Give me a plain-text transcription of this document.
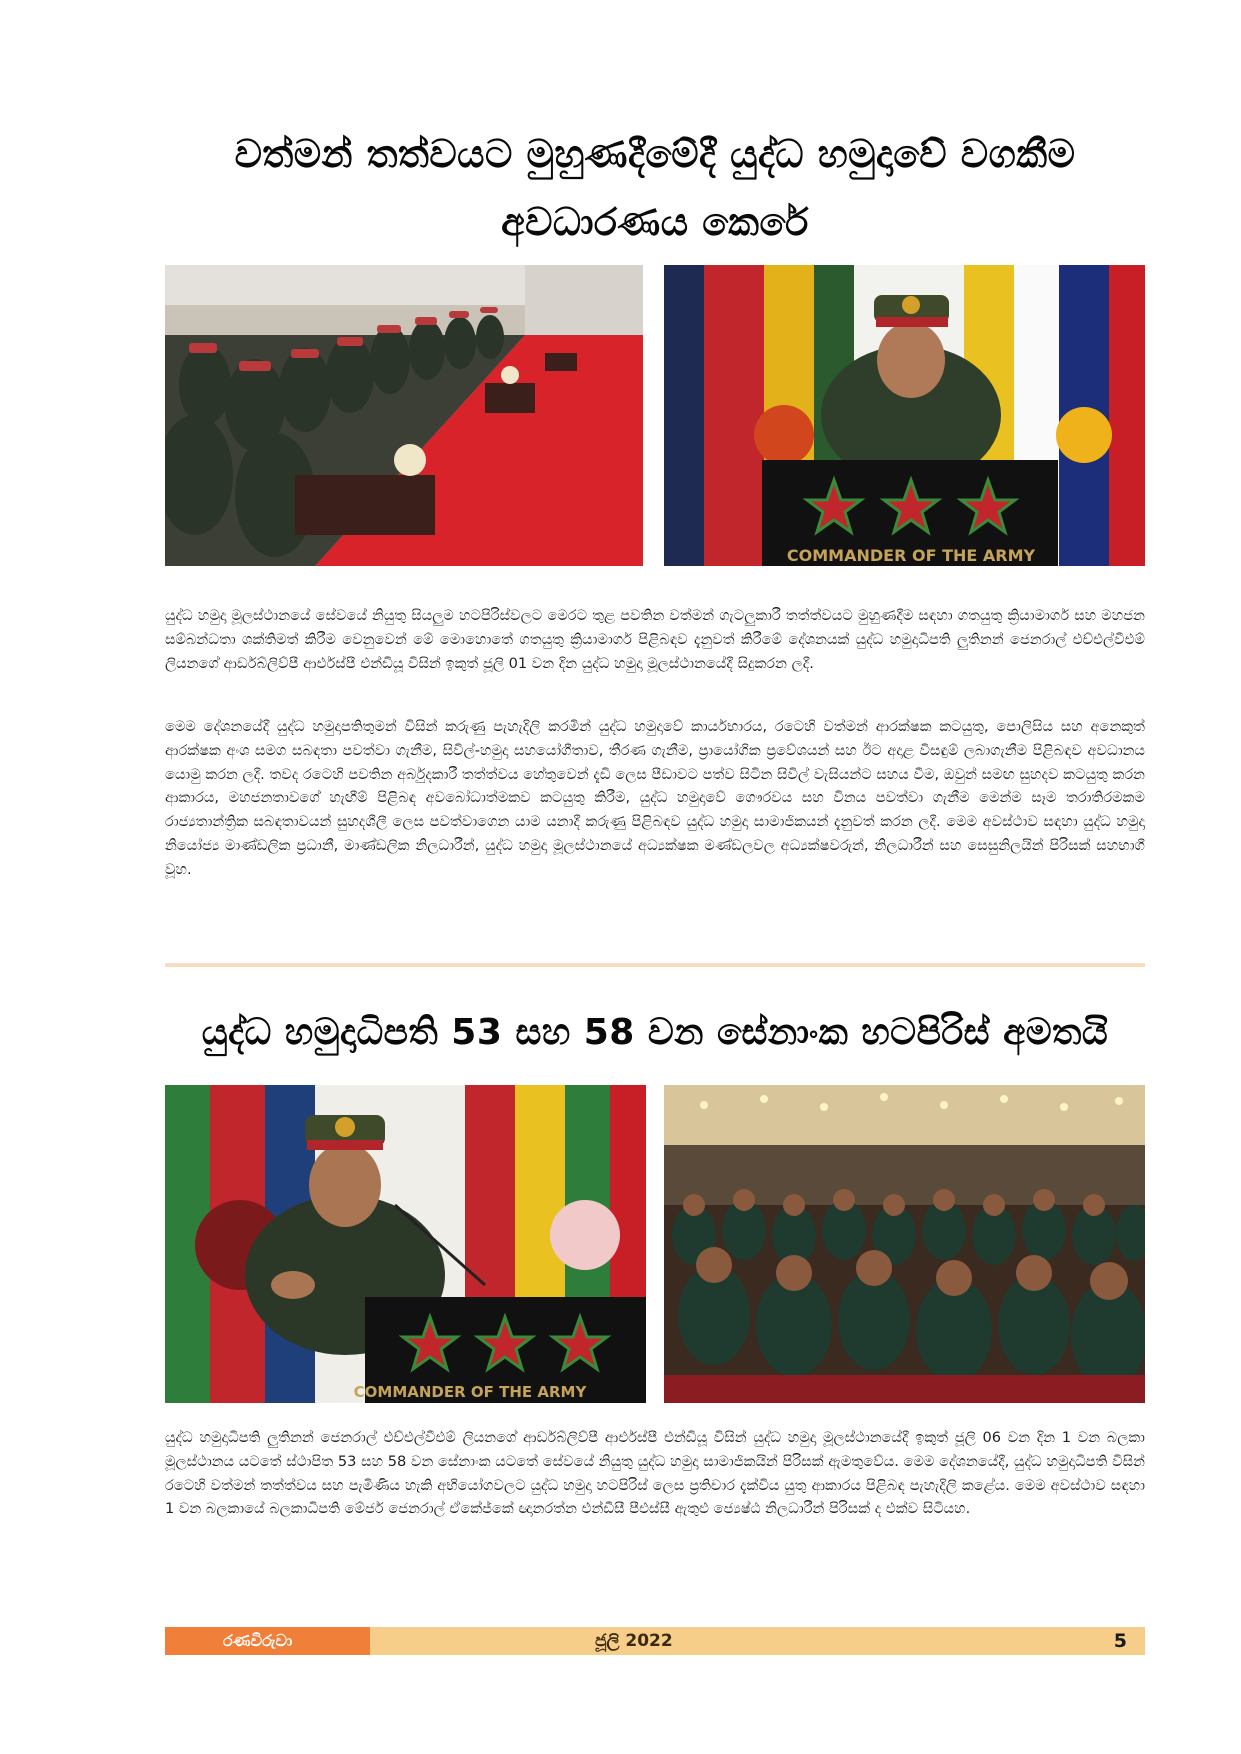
වත්මන් තත්වයට මුහුණදීමේදී යුද්ධ හමුදාවේ වගකීම අවධාරණය කෙරේ
COMMANDER OF THE ARMY

යුද්ධ හමුදා මූලස්ථානයේ සේවයේ නියුතු සියලුම හටපිරිස්වලට මෙරට තුළ පවතින වත්මන් ගැටලුකාරී තත්ත්වයට මුහුණදීම සඳහා ගතයුතු ක්‍රියාමාර්ග සහ මහජන සම්බන්ධතා ශක්තිමත් කිරීම වෙනුවෙන් මේ මොහොතේ ගතයුතු ක්‍රියාමාර්ග පිළිබඳව දැනුවත් කිරීමේ දේශනයක් යුද්ධ හමුදාධිපති ලුතිනන් ජෙනරාල් එච්එල්වීඑම් ලියනගේ ආර්ඩබ්ලිව්පී ආර්එස්පී එන්ඩියූ විසින් ඉකුත් ජූලි 01 වන දින යුද්ධ හමුදා මූලස්ථානයේදී සිදුකරන ලදී.

මෙම දේශනයේදී යුද්ධ හමුදාපතිතුමන් විසින් කරුණු පැහැදිලි කරමින් යුද්ධ හමුදාවේ කාර්යභාරය, රටෙහි වත්මන් ආරක්ෂක කටයුතු, පොලිසිය සහ අනෙකුත් ආරක්ෂක අංශ සමග සබඳතා පවත්වා ගැනීම, සිවිල්-හමුදා සහයෝගීතාව, තීරණ ගැනීම, ප්‍රායෝගික ප්‍රවේශයන් සහ ඊට අදාළ විසඳුම් ලබාගැනීම පිළිබඳව අවධානය යොමු කරන ලදී. තවද රටෙහි පවතින අර්බුදකාරී තත්ත්වය හේතුවෙන් දැඩි ලෙස පීඩාවට පත්ව සිටින සිවිල් වැසියන්ට සහය වීම, ඔවුන් සමඟ සුහදව කටයුතු කරන ආකාරය, මහජනතාවගේ හැඟීම් පිළිබඳ අවබෝධාත්මකව කටයුතු කිරීම, යුද්ධ හමුදාවේ ගෞරවය සහ විනය පවත්වා ගැනීම මෙන්ම සෑම තරාතිරමකම රාජ්‍යතාන්ත්‍රික සබඳතාවයන් සුහදශීලී ලෙස පවත්වාගෙන යාම යනාදී කරුණු පිළිබඳව යුද්ධ හමුදා සාමාජිකයන් දැනුවත් කරන ලදී. මෙම අවස්ථාව සඳහා යුද්ධ හමුදා නියෝජ්‍ය මාණ්ඩලික ප්‍රධානී, මාණ්ඩලික නිලධාරීන්, යුද්ධ හමුදා මූලස්ථානයේ අධ්‍යක්ෂක මණ්ඩලවල අධ්‍යක්ෂවරුන්, නිලධාරීන් සහ සෙසුනිලයින් පිරිසක් සහභාගී වූහ.

යුද්ධ හමුදාධිපති 53 සහ 58 වන සේනාංක හටපිරිස් අමතයි
COMMANDER OF THE ARMY

යුද්ධ හමුදාධිපති ලුතිනන් ජෙනරාල් එච්එල්වීඑම් ලියනගේ ආර්ඩබ්ලිව්පී ආර්එස්පී එන්ඩියූ විසින් යුද්ධ හමුදා මූලස්ථානයේදී ඉකුත් ජූලි 06 වන දින 1 වන බලකා මූලස්ථානය යටතේ ස්ථාපිත 53 සහ 58 වන සේනාංක යටතේ සේවයේ නියුතු යුද්ධ හමුදා සාමාජිකයින් පිරිසක් ඇමතුවේය. මෙම දේශනයේදී, යුද්ධ හමුදාධිපති විසින් රටෙහි වත්මන් තත්ත්වය සහ පැමිණිය හැකි අභියෝගවලට යුද්ධ හමුදා හටපිරිස් ලෙස ප්‍රතිචාර දැක්විය යුතු ආකාරය පිළිබඳ පැහැදිලි කළේය. මෙම අවස්ථාව සඳහා 1 වන බලකායේ බලකාධිපති මේජර් ජෙනරාල් ඒකේජ්කේ ඥානරත්න එන්ඩීසී පීඑස්සී ඇතුළු ජ්‍යෙෂ්ඨ නිලධාරීන් පිරිසක් ද එක්ව සිටියහ.

රණවිරුවා	ජූලි 2022	5
